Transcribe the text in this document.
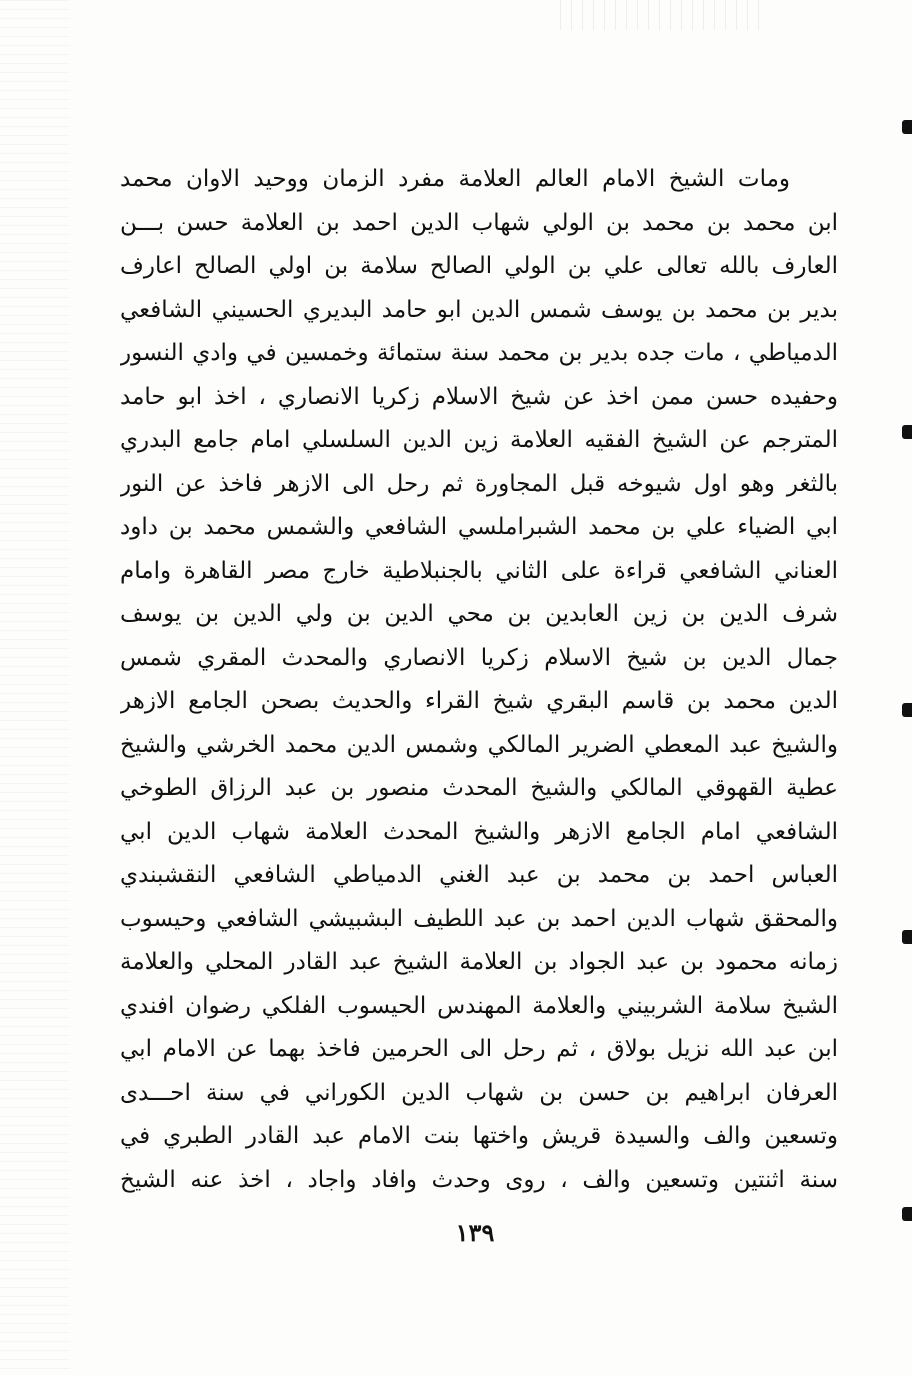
ومات الشيخ الامام العالم العلامة مفرد الزمان ووحيد الاوان محمد
ابن محمد بن محمد بن الولي شهاب الدين احمد بن العلامة حسن بـــن
العارف بالله تعالى علي بن الولي الصالح سلامة بن اولي الصالح اعارف
بدير بن محمد بن يوسف شمس الدين ابو حامد البديري الحسيني الشافعي
الدمياطي ، مات جده بدير بن محمد سنة ستمائة وخمسين في وادي النسور
وحفيده حسن ممن اخذ عن شيخ الاسلام زكريا الانصاري ، اخذ ابو حامد
المترجم عن الشيخ الفقيه العلامة زين الدين السلسلي امام جامع البدري
بالثغر وهو اول شيوخه قبل المجاورة ثم رحل الى الازهر فاخذ عن النور
ابي الضياء علي بن محمد الشبراملسي الشافعي والشمس محمد بن داود
العناني الشافعي قراءة على الثاني بالجنبلاطية خارج مصر القاهرة وامام
شرف الدين بن زين العابدين بن محي الدين بن ولي الدين بن يوسف
جمال الدين بن شيخ الاسلام زكريا الانصاري والمحدث المقري شمس
الدين محمد بن قاسم البقري شيخ القراء والحديث بصحن الجامع الازهر
والشيخ عبد المعطي الضرير المالكي وشمس الدين محمد الخرشي والشيخ
عطية القهوقي المالكي والشيخ المحدث منصور بن عبد الرزاق الطوخي
الشافعي امام الجامع الازهر والشيخ المحدث العلامة شهاب الدين ابي
العباس احمد بن محمد بن عبد الغني الدمياطي الشافعي النقشبندي
والمحقق شهاب الدين احمد بن عبد اللطيف البشبيشي الشافعي وحيسوب
زمانه محمود بن عبد الجواد بن العلامة الشيخ عبد القادر المحلي والعلامة
الشيخ سلامة الشربيني والعلامة المهندس الحيسوب الفلكي رضوان افندي
ابن عبد الله نزيل بولاق ، ثم رحل الى الحرمين فاخذ بهما عن الامام ابي
العرفان ابراهيم بن حسن بن شهاب الدين الكوراني في سنة احـــدى
وتسعين والف والسيدة قريش واختها بنت الامام عبد القادر الطبري في
سنة اثنتين وتسعين والف ، روى وحدث وافاد واجاد ، اخذ عنه الشيخ
١٣٩
